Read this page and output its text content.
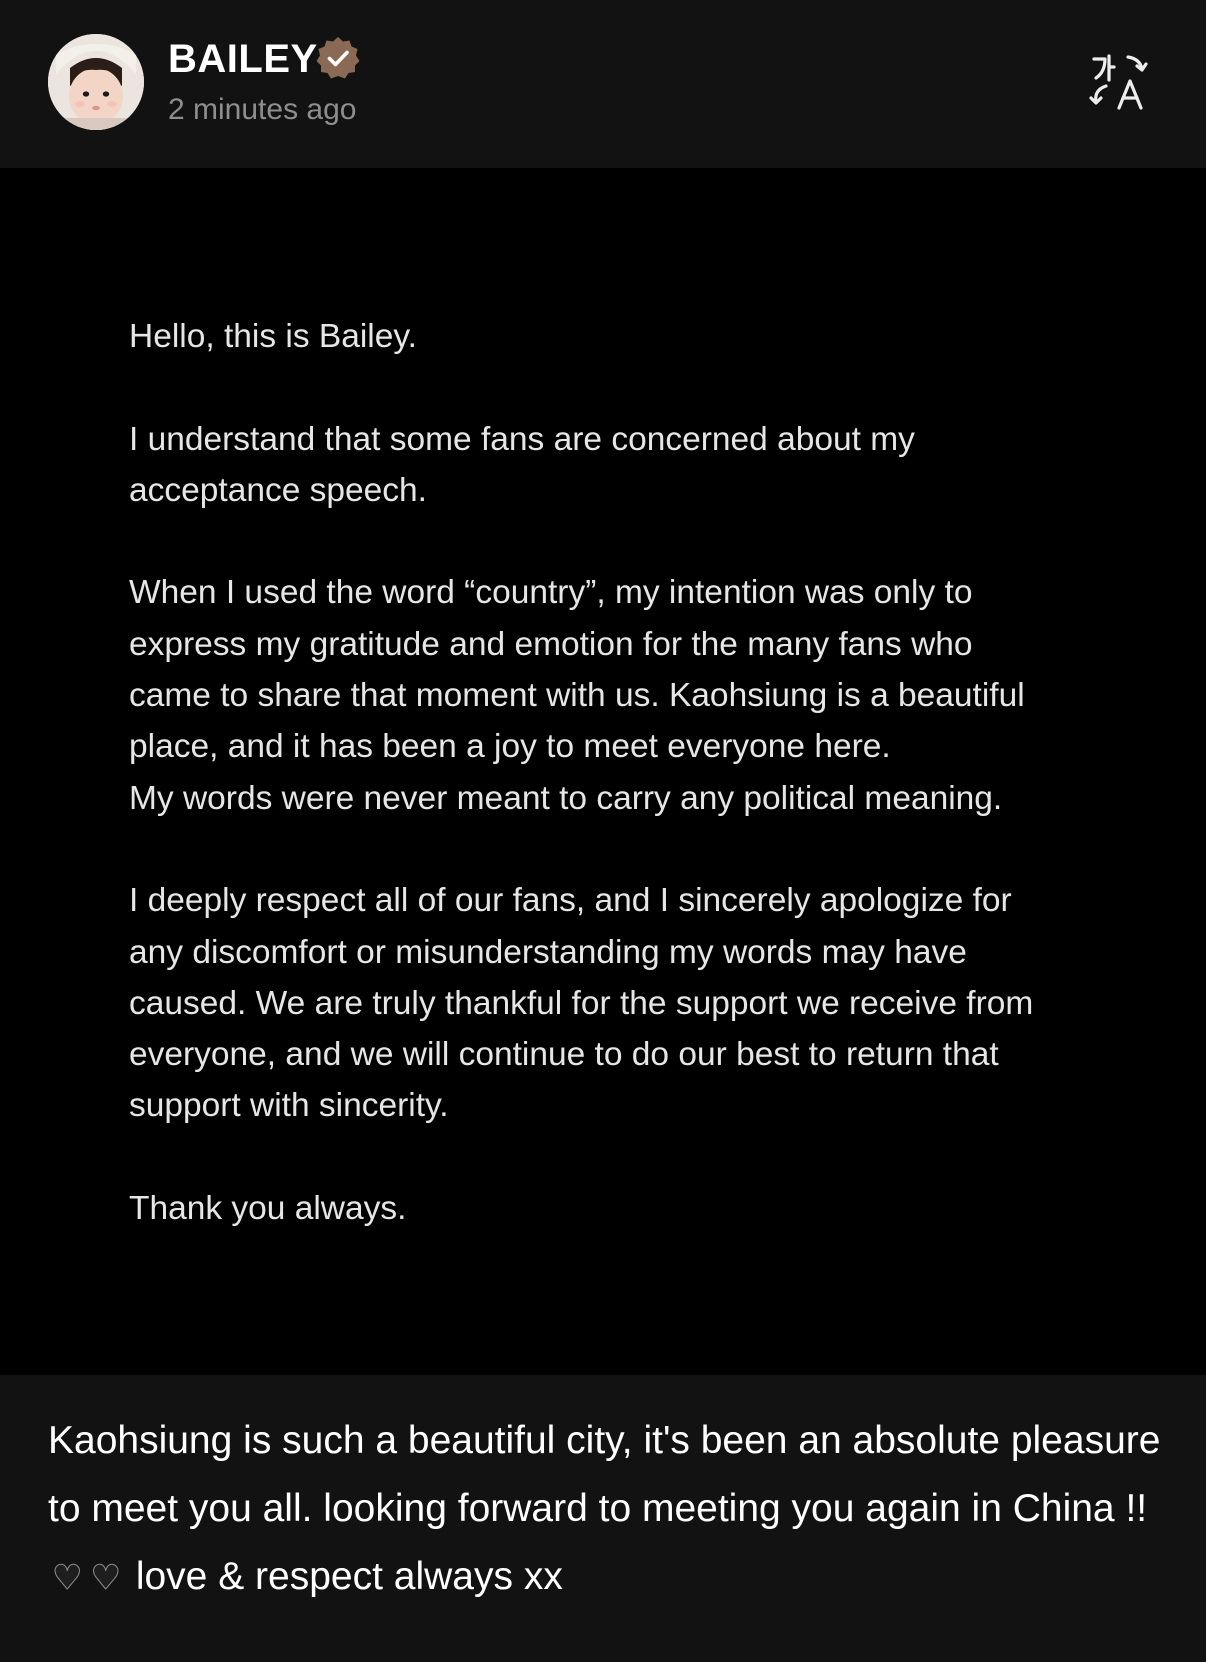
BAILEY
2 minutes ago

Hello, this is Bailey.

I understand that some fans are concerned about my
acceptance speech.

When I used the word “country”, my intention was only to
express my gratitude and emotion for the many fans who
came to share that moment with us. Kaohsiung is a beautiful
place, and it has been a joy to meet everyone here.
My words were never meant to carry any political meaning.

I deeply respect all of our fans, and I sincerely apologize for
any discomfort or misunderstanding my words may have
caused. We are truly thankful for the support we receive from
everyone, and we will continue to do our best to return that
support with sincerity.

Thank you always.

Kaohsiung is such a beautiful city, it's been an absolute pleasure to meet you all. looking forward to meeting you again in China !! ♥ ♥ love & respect always xx
